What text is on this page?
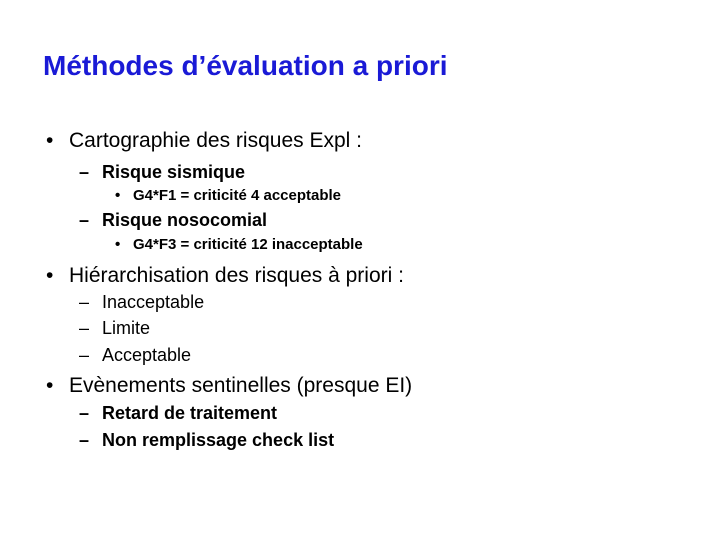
Méthodes d’évaluation a priori
• Cartographie des risques Expl :
– Risque sismique
• G4*F1 = criticité 4 acceptable
– Risque nosocomial
• G4*F3 = criticité 12 inacceptable
• Hiérarchisation des risques à priori :
– Inacceptable
– Limite
– Acceptable
• Evènements sentinelles (presque EI)
– Retard de traitement
– Non remplissage check list
